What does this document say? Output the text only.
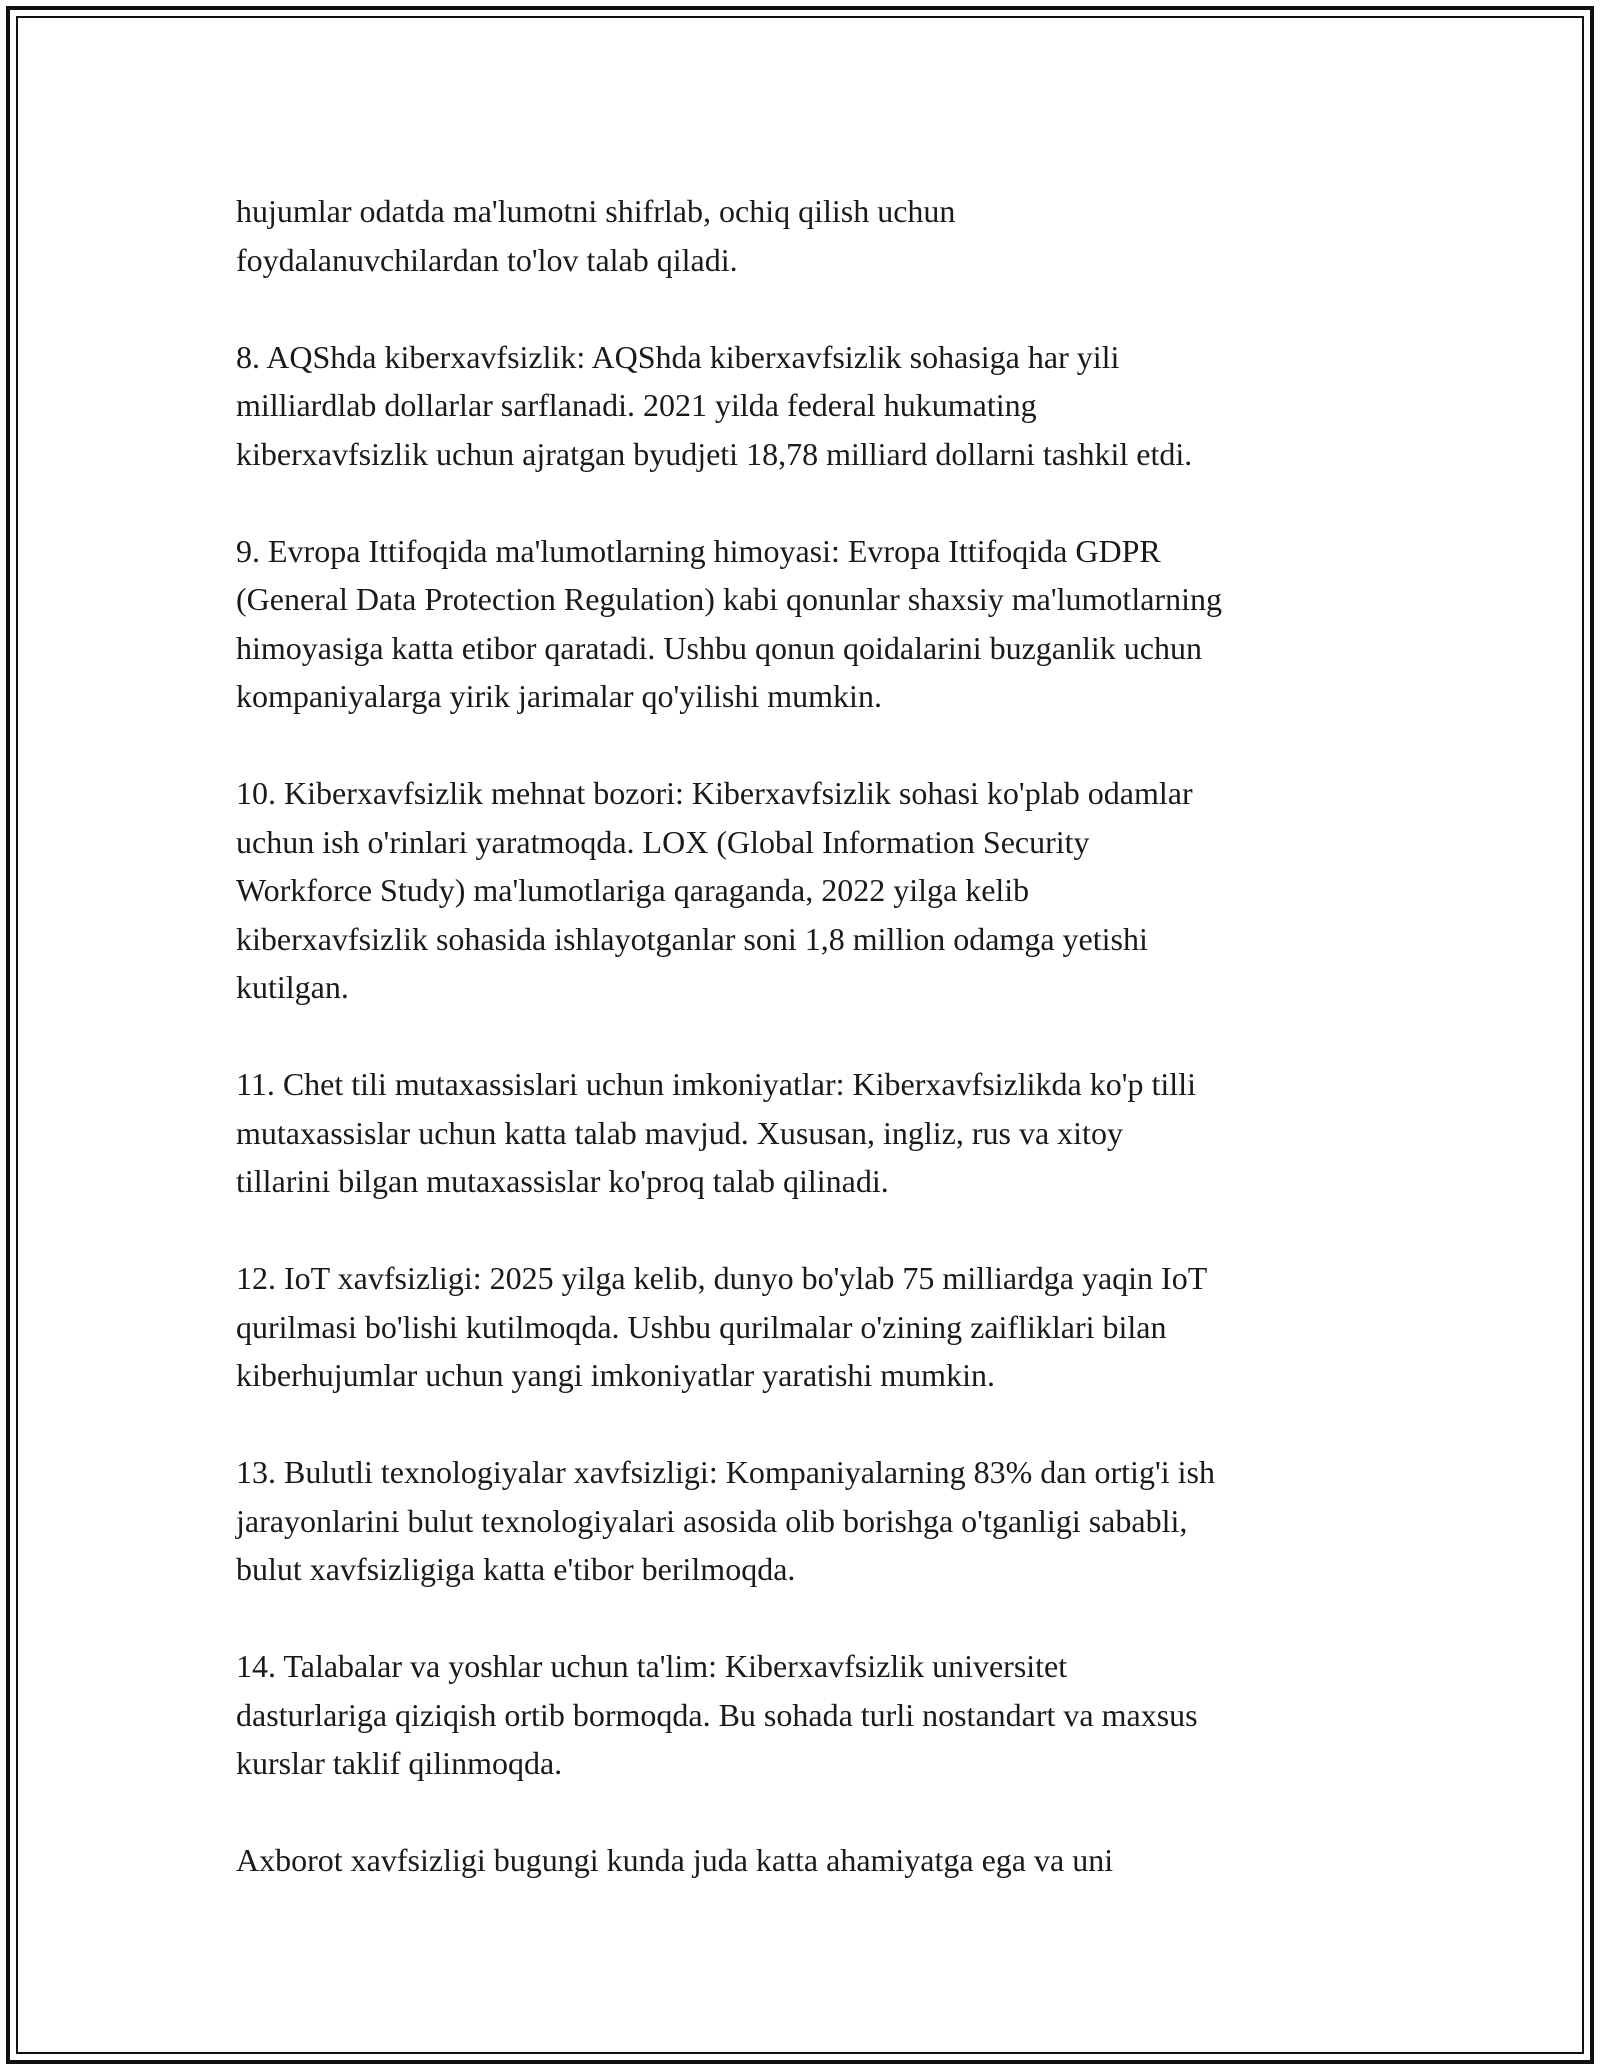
hujumlar odatda ma'lumotni shifrlab, ochiq qilish uchun
foydalanuvchilardan to'lov talab qiladi.

8. AQShda kiberxavfsizlik: AQShda kiberxavfsizlik sohasiga har yili
milliardlab dollarlar sarflanadi. 2021 yilda federal hukumating
kiberxavfsizlik uchun ajratgan byudjeti 18,78 milliard dollarni tashkil etdi.

9. Evropa Ittifoqida ma'lumotlarning himoyasi: Evropa Ittifoqida GDPR
(General Data Protection Regulation) kabi qonunlar shaxsiy ma'lumotlarning
himoyasiga katta etibor qaratadi. Ushbu qonun qoidalarini buzganlik uchun
kompaniyalarga yirik jarimalar qo'yilishi mumkin.

10. Kiberxavfsizlik mehnat bozori: Kiberxavfsizlik sohasi ko'plab odamlar
uchun ish o'rinlari yaratmoqda. LOX (Global Information Security
Workforce Study) ma'lumotlariga qaraganda, 2022 yilga kelib
kiberxavfsizlik sohasida ishlayotganlar soni 1,8 million odamga yetishi
kutilgan.

11. Chet tili mutaxassislari uchun imkoniyatlar: Kiberxavfsizlikda ko'p tilli
mutaxassislar uchun katta talab mavjud. Xususan, ingliz, rus va xitoy
tillarini bilgan mutaxassislar ko'proq talab qilinadi.

12. IoT xavfsizligi: 2025 yilga kelib, dunyo bo'ylab 75 milliardga yaqin IoT
qurilmasi bo'lishi kutilmoqda. Ushbu qurilmalar o'zining zaifliklari bilan
kiberhujumlar uchun yangi imkoniyatlar yaratishi mumkin.

13. Bulutli texnologiyalar xavfsizligi: Kompaniyalarning 83% dan ortig'i ish
jarayonlarini bulut texnologiyalari asosida olib borishga o'tganligi sababli,
bulut xavfsizligiga katta e'tibor berilmoqda.

14. Talabalar va yoshlar uchun ta'lim: Kiberxavfsizlik universitet
dasturlariga qiziqish ortib bormoqda. Bu sohada turli nostandart va maxsus
kurslar taklif qilinmoqda.

Axborot xavfsizligi bugungi kunda juda katta ahamiyatga ega va uni
